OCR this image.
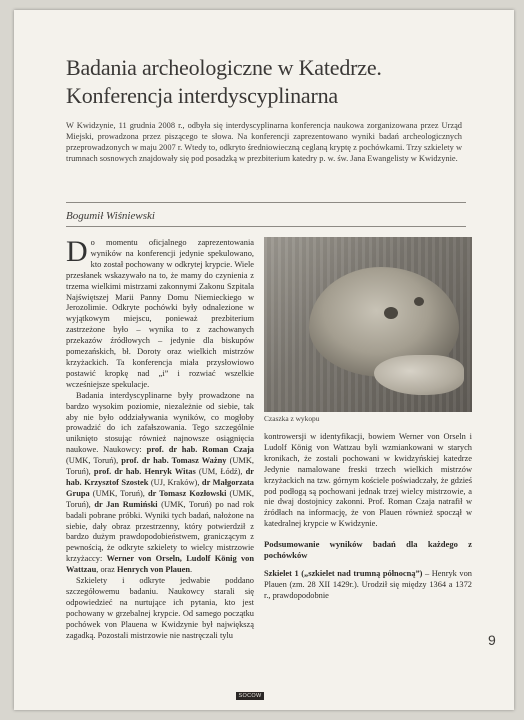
Badania archeologiczne w Katedrze.
Konferencja interdyscyplinarna
W Kwidzynie, 11 grudnia 2008 r., odbyła się interdyscyplinarna konferencja naukowa zorganizowana przez Urząd Miejski, prowadzona przez piszącego te słowa. Na konferencji zaprezentowano wyniki badań archeologicznych przeprowadzonych w maju 2007 r. Wtedy to, odkryto średniowieczną ceglaną kryptę z pochówkami. Trzy szkielety w trumnach sosnowych znajdowały się pod posadzką w prezbiterium katedry p. w. św. Jana Ewangelisty w Kwidzynie.
Bogumił Wiśniewski

Do momentu oficjalnego zaprezentowania wyników na konferencji jedynie spekulowano, kto został pochowany w odkrytej krypcie. Wiele przesłanek wskazywało na to, że mamy do czynienia z trzema wielkimi mistrzami zakonnymi Zakonu Szpitala Najświętszej Marii Panny Domu Niemieckiego w Jerozolimie. Odkryte pochówki były odnalezione w wyjątkowym miejscu, ponieważ prezbiterium zastrzeżone było – wynika to z zachowanych przekazów źródłowych – jedynie dla biskupów pomezańskich, bł. Doroty oraz wielkich mistrzów krzyżackich. Ta konferencja miała przysłowiowo postawić kropkę nad „i” i rozwiać wszelkie wcześniejsze spekulacje.

Badania interdyscyplinarne były prowadzone na bardzo wysokim poziomie, niezależnie od siebie, tak aby nie było oddziaływania wyników, co mogłoby prowadzić do ich zafałszowania. Tego szczególnie uniknięto stosując również najnowsze osiągnięcia naukowe. Naukowcy: prof. dr hab. Roman Czaja (UMK, Toruń), prof. dr hab. Tomasz Ważny (UMK, Toruń), prof. dr hab. Henryk Witas (UM, Łódź), dr hab. Krzysztof Szostek (UJ, Kraków), dr Małgorzata Grupa (UMK, Toruń), dr Tomasz Kozłowski (UMK, Toruń), dr Jan Rumiński (UMK, Toruń) po nad rok badali pobrane próbki. Wyniki tych badań, nałożone na siebie, dały obraz przestrzenny, który potwierdził z bardzo dużym prawdopodobieństwem, graniczącym z pewnością, że odkryte szkielety to wielcy mistrzowie krzyżaccy: Werner von Orseln, Ludolf König von Wattzau, oraz Henrych von Plauen.

Szkielety i odkryte jedwabie poddano szczegółowemu badaniu. Naukowcy starali się odpowiedzieć na nurtujące ich pytania, kto jest pochowany w grzebalnej krypcie. Od samego początku pochówek von Plauena w Kwidzynie był największą zagadką. Pozostali mistrzowie nie nastręczali tylu

Czaszka z wykopu

kontrowersji w identyfikacji, bowiem Werner von Orseln i Ludolf König von Wattzau byli wzmiankowani w starych kronikach, że zostali pochowani w kwidzyńskiej katedrze Jedynie namalowane freski trzech wielkich mistrzów krzyżackich na tzw. górnym kościele poświadczały, że gdzieś pod podłogą są pochowani jednak trzej wielcy mistrzowie, a nie dwaj dostojnicy zakonni. Prof. Roman Czaja natrafił w źródłach na informację, że von Plauen również spoczął w katedralnej krypcie w Kwidzynie.

Podsumowanie wyników badań dla każdego z pochówków

Szkielet 1 („szkielet nad trumną północną”) – Henryk von Plauen (zm. 28 XII 1429r.). Urodził się między 1364 a 1372 r., prawdopodobnie

9
SOCOW
